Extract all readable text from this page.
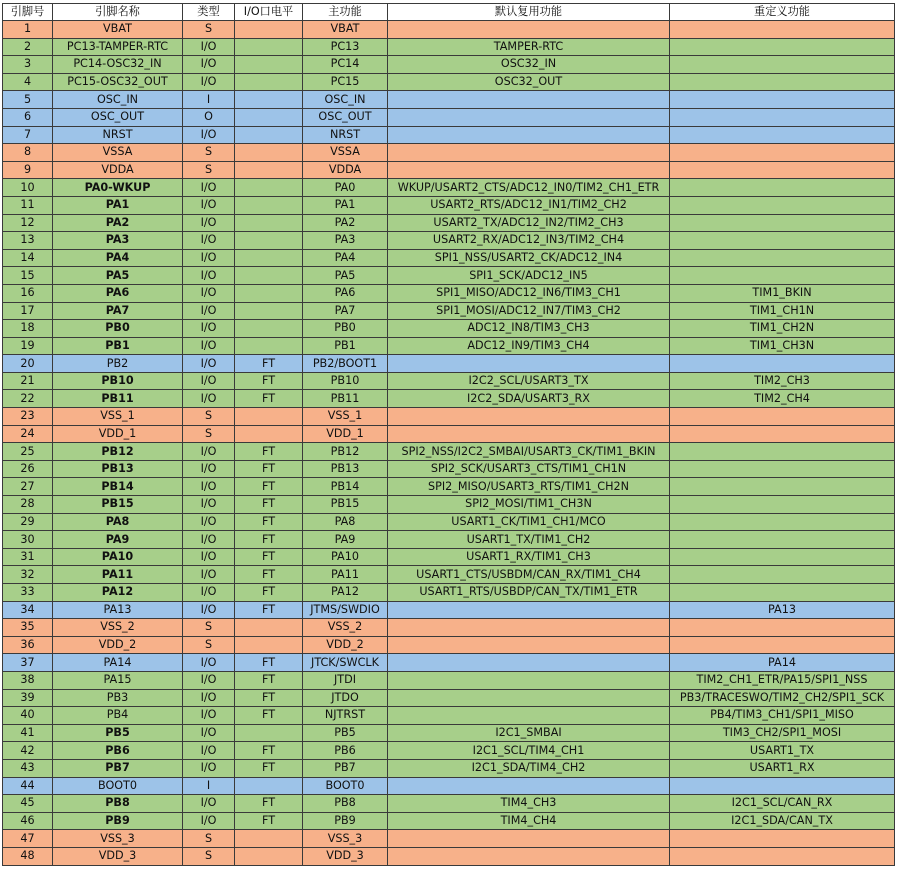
引脚号	引脚名称	类型	I/O口电平	主功能	默认复用功能	重定义功能
1	VBAT	S		VBAT		
2	PC13-TAMPER-RTC	I/O		PC13	TAMPER-RTC	
3	PC14-OSC32_IN	I/O		PC14	OSC32_IN	
4	PC15-OSC32_OUT	I/O		PC15	OSC32_OUT	
5	OSC_IN	I		OSC_IN		
6	OSC_OUT	O		OSC_OUT		
7	NRST	I/O		NRST		
8	VSSA	S		VSSA		
9	VDDA	S		VDDA		
10	PA0-WKUP	I/O		PA0	WKUP/USART2_CTS/ADC12_IN0/TIM2_CH1_ETR	
11	PA1	I/O		PA1	USART2_RTS/ADC12_IN1/TIM2_CH2	
12	PA2	I/O		PA2	USART2_TX/ADC12_IN2/TIM2_CH3	
13	PA3	I/O		PA3	USART2_RX/ADC12_IN3/TIM2_CH4	
14	PA4	I/O		PA4	SPI1_NSS/USART2_CK/ADC12_IN4	
15	PA5	I/O		PA5	SPI1_SCK/ADC12_IN5	
16	PA6	I/O		PA6	SPI1_MISO/ADC12_IN6/TIM3_CH1	TIM1_BKIN
17	PA7	I/O		PA7	SPI1_MOSI/ADC12_IN7/TIM3_CH2	TIM1_CH1N
18	PB0	I/O		PB0	ADC12_IN8/TIM3_CH3	TIM1_CH2N
19	PB1	I/O		PB1	ADC12_IN9/TIM3_CH4	TIM1_CH3N
20	PB2	I/O	FT	PB2/BOOT1		
21	PB10	I/O	FT	PB10	I2C2_SCL/USART3_TX	TIM2_CH3
22	PB11	I/O	FT	PB11	I2C2_SDA/USART3_RX	TIM2_CH4
23	VSS_1	S		VSS_1		
24	VDD_1	S		VDD_1		
25	PB12	I/O	FT	PB12	SPI2_NSS/I2C2_SMBAI/USART3_CK/TIM1_BKIN	
26	PB13	I/O	FT	PB13	SPI2_SCK/USART3_CTS/TIM1_CH1N	
27	PB14	I/O	FT	PB14	SPI2_MISO/USART3_RTS/TIM1_CH2N	
28	PB15	I/O	FT	PB15	SPI2_MOSI/TIM1_CH3N	
29	PA8	I/O	FT	PA8	USART1_CK/TIM1_CH1/MCO	
30	PA9	I/O	FT	PA9	USART1_TX/TIM1_CH2	
31	PA10	I/O	FT	PA10	USART1_RX/TIM1_CH3	
32	PA11	I/O	FT	PA11	USART1_CTS/USBDM/CAN_RX/TIM1_CH4	
33	PA12	I/O	FT	PA12	USART1_RTS/USBDP/CAN_TX/TIM1_ETR	
34	PA13	I/O	FT	JTMS/SWDIO		PA13
35	VSS_2	S		VSS_2		
36	VDD_2	S		VDD_2		
37	PA14	I/O	FT	JTCK/SWCLK		PA14
38	PA15	I/O	FT	JTDI		TIM2_CH1_ETR/PA15/SPI1_NSS
39	PB3	I/O	FT	JTDO		PB3/TRACESWO/TIM2_CH2/SPI1_SCK
40	PB4	I/O	FT	NJTRST		PB4/TIM3_CH1/SPI1_MISO
41	PB5	I/O		PB5	I2C1_SMBAI	TIM3_CH2/SPI1_MOSI
42	PB6	I/O	FT	PB6	I2C1_SCL/TIM4_CH1	USART1_TX
43	PB7	I/O	FT	PB7	I2C1_SDA/TIM4_CH2	USART1_RX
44	BOOT0	I		BOOT0		
45	PB8	I/O	FT	PB8	TIM4_CH3	I2C1_SCL/CAN_RX
46	PB9	I/O	FT	PB9	TIM4_CH4	I2C1_SDA/CAN_TX
47	VSS_3	S		VSS_3		
48	VDD_3	S		VDD_3		
